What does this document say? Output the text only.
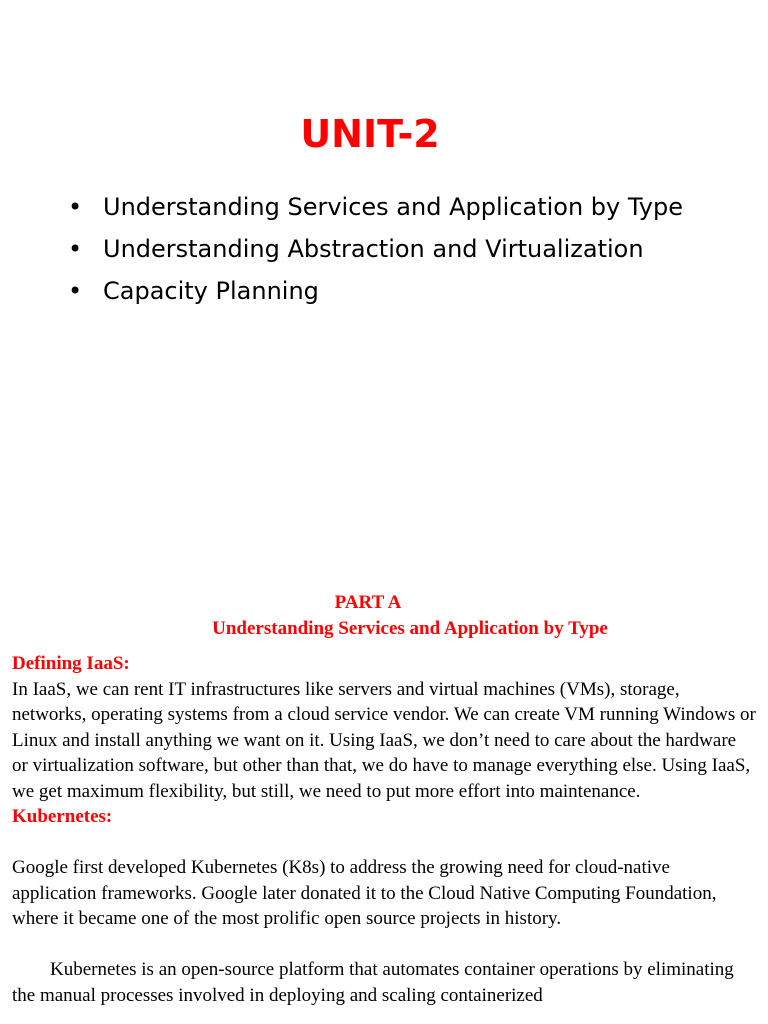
UNIT-2
• Understanding Services and Application by Type
• Understanding Abstraction and Virtualization
• Capacity Planning
PART A
Understanding Services and Application by Type
Defining IaaS:

In IaaS, we can rent IT infrastructures like servers and virtual machines (VMs), storage, networks, operating systems from a cloud service vendor. We can create VM running Windows or Linux and install anything we want on it. Using IaaS, we don’t need to care about the hardware or virtualization software, but other than that, we do have to manage everything else. Using IaaS, we get maximum flexibility, but still, we need to put more effort into maintenance.

Kubernetes:

Google first developed Kubernetes (K8s) to address the growing need for cloud-native application frameworks. Google later donated it to the Cloud Native Computing Foundation, where it became one of the most prolific open source projects in history.

Kubernetes is an open-source platform that automates container operations by eliminating the manual processes involved in deploying and scaling containerized
